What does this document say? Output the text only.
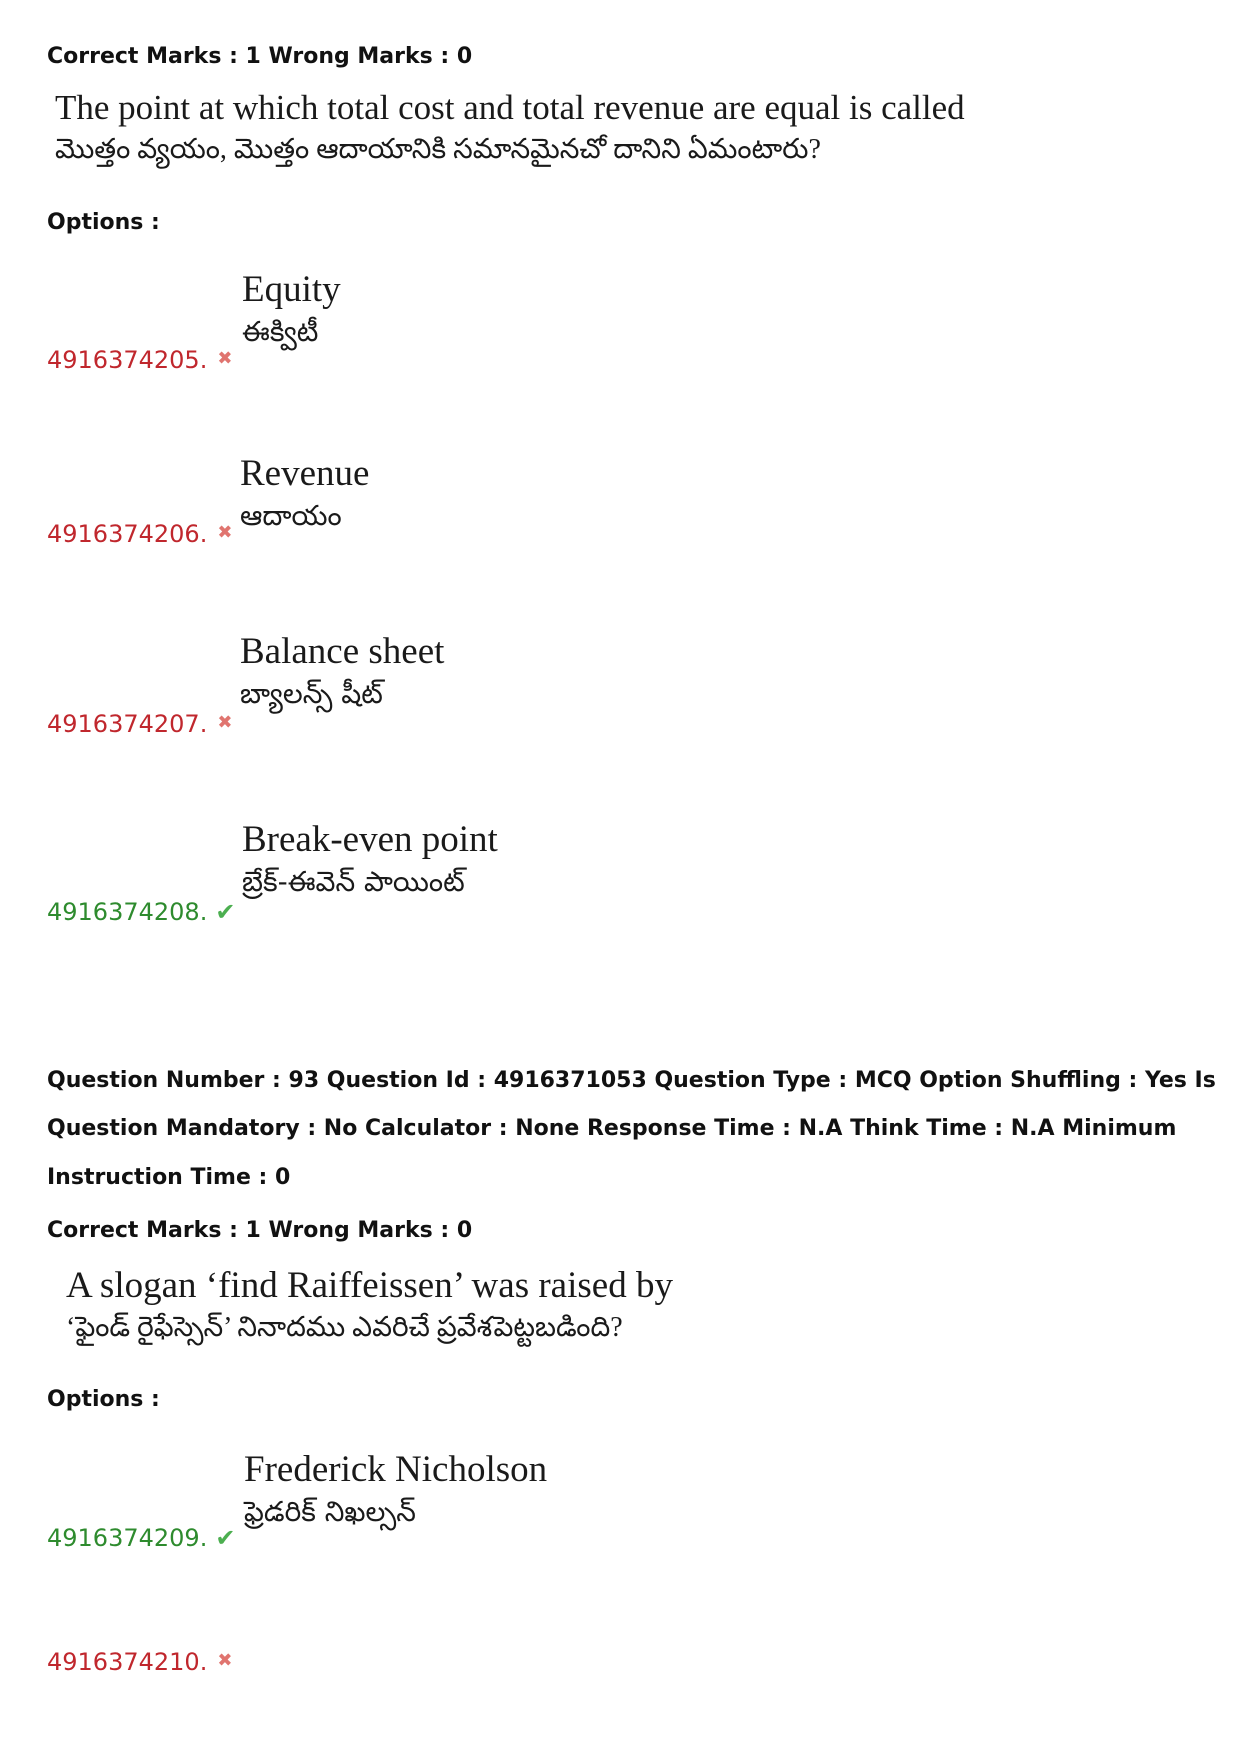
Correct Marks : 1 Wrong Marks : 0
The point at which total cost and total revenue are equal is called
మొత్తం వ్యయం, మొత్తం ఆదాయానికి సమానమైనచో దానిని ఏమంటారు?
Options :
Equity
ఈక్విటీ
4916374205. ✖
Revenue
ఆదాయం
4916374206. ✖
Balance sheet
బ్యాలన్స్ షీట్
4916374207. ✖
Break-even point
బ్రేక్-ఈవెన్ పాయింట్
4916374208. ✔
Question Number : 93 Question Id : 4916371053 Question Type : MCQ Option Shuffling : Yes Is
Question Mandatory : No Calculator : None Response Time : N.A Think Time : N.A Minimum
Instruction Time : 0
Correct Marks : 1 Wrong Marks : 0
A slogan ‘find Raiffeissen’ was raised by
‘ఫైండ్ రైఫేస్సెన్’ నినాదము ఎవరిచే ప్రవేశపెట్టబడింది?
Options :
Frederick Nicholson
ఫ్రెడరిక్ నిఖల్సన్
4916374209. ✔
4916374210. ✖
